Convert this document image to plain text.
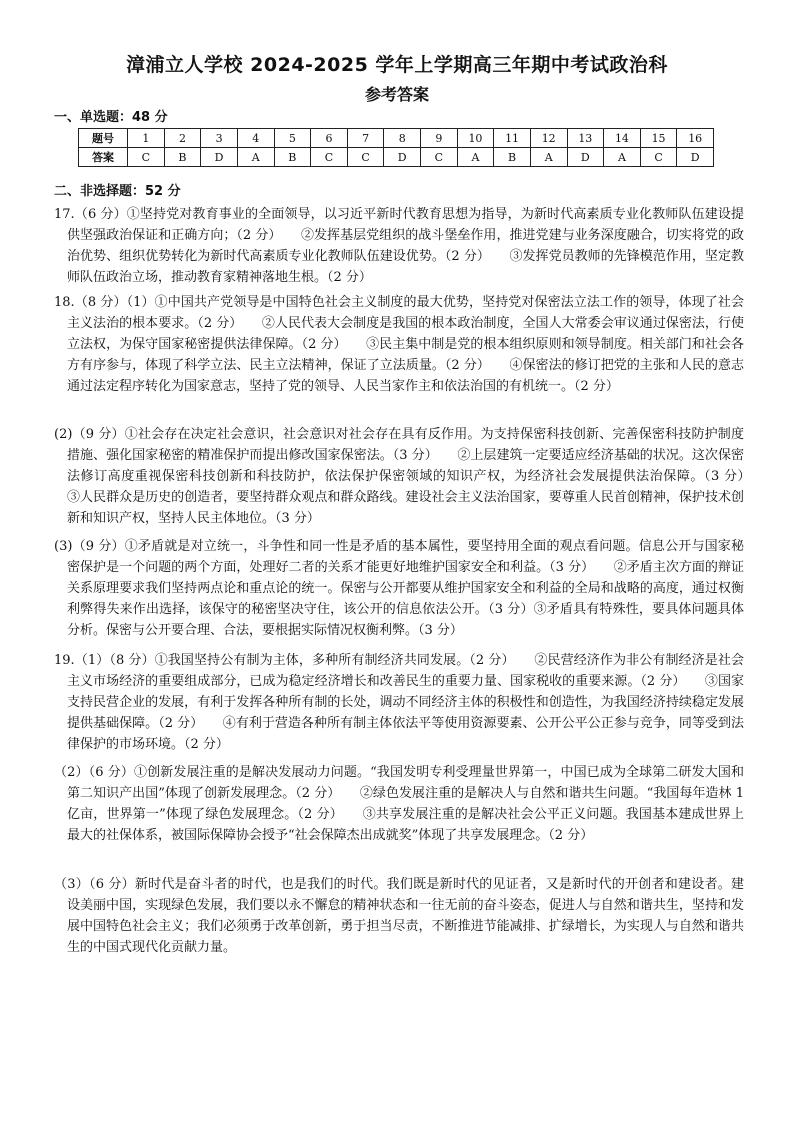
漳浦立人学校 2024-2025 学年上学期高三年期中考试政治科
参考答案
一、单选题：48 分
题号	1	2	3	4	5	6	7	8	9	10	11	12	13	14	15	16
答案	C	B	D	A	B	C	C	D	C	A	B	A	D	A	C	D
二、非选择题：52 分
17.（6 分）①坚持党对教育事业的全面领导，以习近平新时代教育思想为指导，为新时代高素质专业化教师队伍建设提供坚强政治保证和正确方向；（2 分）　　②发挥基层党组织的战斗堡垒作用，推进党建与业务深度融合，切实将党的政治优势、组织优势转化为新时代高素质专业化教师队伍建设优势。（2 分）　　③发挥党员教师的先锋模范作用，坚定教师队伍政治立场，推动教育家精神落地生根。（2 分）
18.（8 分）（1）①中国共产党领导是中国特色社会主义制度的最大优势，坚持党对保密法立法工作的领导，体现了社会主义法治的根本要求。（2 分）　　②人民代表大会制度是我国的根本政治制度，全国人大常委会审议通过保密法，行使立法权，为保守国家秘密提供法律保障。（2 分）　　③民主集中制是党的根本组织原则和领导制度。相关部门和社会各方有序参与，体现了科学立法、民主立法精神，保证了立法质量。（2 分）　　④保密法的修订把党的主张和人民的意志通过法定程序转化为国家意志，坚持了党的领导、人民当家作主和依法治国的有机统一。（2 分）
(2)（9 分）①社会存在决定社会意识，社会意识对社会存在具有反作用。为支持保密科技创新、完善保密科技防护制度措施、强化国家秘密的精准保护而提出修改国家保密法。（3 分）　　②上层建筑一定要适应经济基础的状况。这次保密法修订高度重视保密科技创新和科技防护，依法保护保密领域的知识产权，为经济社会发展提供法治保障。（3 分）　　③人民群众是历史的创造者，要坚持群众观点和群众路线。建设社会主义法治国家，要尊重人民首创精神，保护技术创新和知识产权，坚持人民主体地位。（3 分）
(3)（9 分）①矛盾就是对立统一，斗争性和同一性是矛盾的基本属性，要坚持用全面的观点看问题。信息公开与国家秘密保护是一个问题的两个方面，处理好二者的关系才能更好地维护国家安全和利益。（3 分）　　②矛盾主次方面的辩证关系原理要求我们坚持两点论和重点论的统一。保密与公开都要从维护国家安全和利益的全局和战略的高度，通过权衡利弊得失来作出选择，该保守的秘密坚决守住，该公开的信息依法公开。（3 分）③矛盾具有特殊性，要具体问题具体分析。保密与公开要合理、合法，要根据实际情况权衡利弊。（3 分）
19.（1）（8 分）①我国坚持公有制为主体，多种所有制经济共同发展。（2 分）　　②民营经济作为非公有制经济是社会主义市场经济的重要组成部分，已成为稳定经济增长和改善民生的重要力量、国家税收的重要来源。（2 分）　　③国家支持民营企业的发展，有利于发挥各种所有制的长处，调动不同经济主体的积极性和创造性，为我国经济持续稳定发展提供基础保障。（2 分）　　④有利于营造各种所有制主体依法平等使用资源要素、公开公平公正参与竞争，同等受到法律保护的市场环境。（2 分）
（2）（6 分）①创新发展注重的是解决发展动力问题。“我国发明专利受理量世界第一，中国已成为全球第二研发大国和第二知识产出国”体现了创新发展理念。（2 分）　　②绿色发展注重的是解决人与自然和谐共生问题。“我国每年造林 1 亿亩，世界第一”体现了绿色发展理念。（2 分）　　③共享发展注重的是解决社会公平正义问题。我国基本建成世界上最大的社保体系，被国际保障协会授予“社会保障杰出成就奖”体现了共享发展理念。（2 分）
（3）（6 分）新时代是奋斗者的时代，也是我们的时代。我们既是新时代的见证者，又是新时代的开创者和建设者。建设美丽中国，实现绿色发展，我们要以永不懈怠的精神状态和一往无前的奋斗姿态，促进人与自然和谐共生，坚持和发展中国特色社会主义；我们必须勇于改革创新，勇于担当尽责，不断推进节能减排、扩绿增长，为实现人与自然和谐共生的中国式现代化贡献力量。
